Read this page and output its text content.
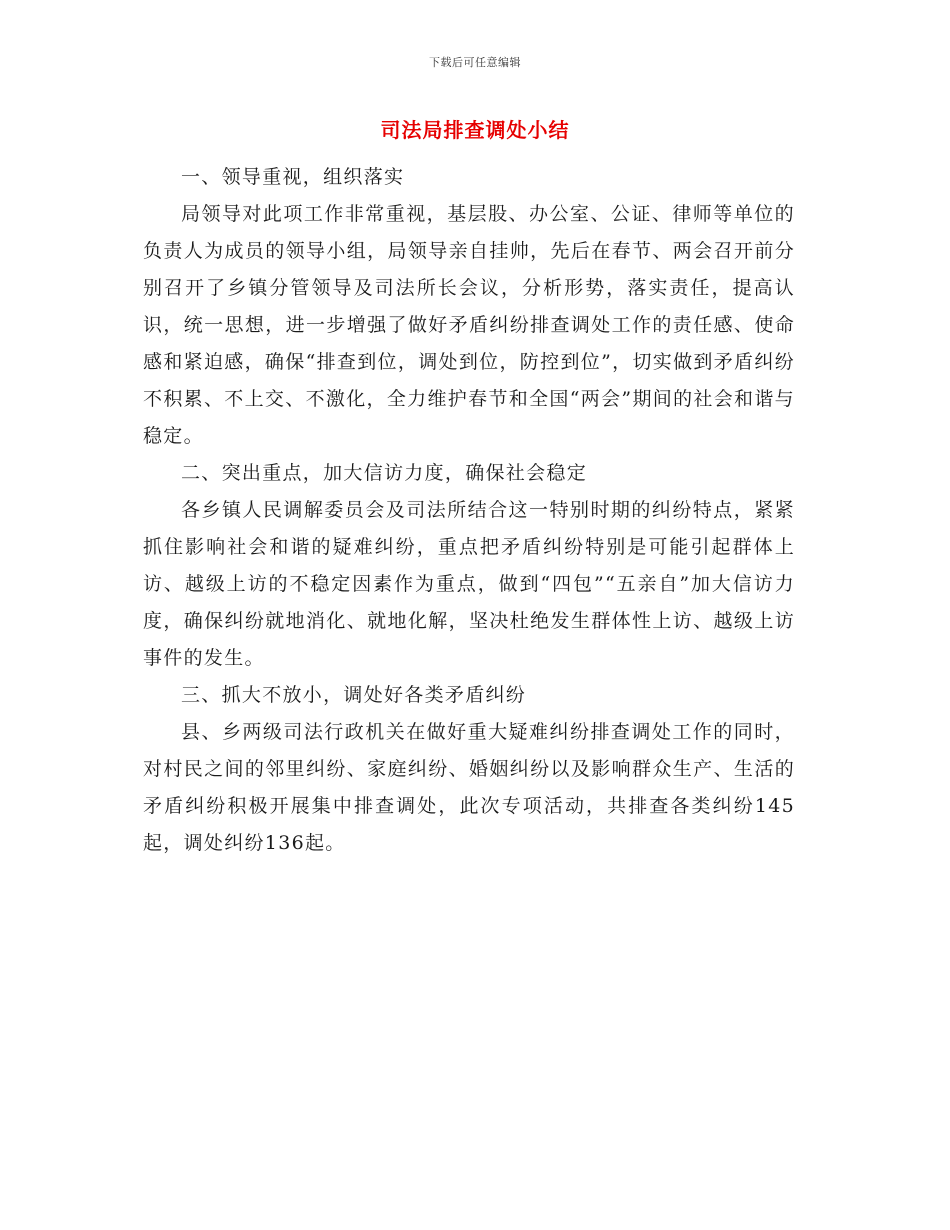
下载后可任意编辑
司法局排查调处小结

一、领导重视，组织落实

局领导对此项工作非常重视，基层股、办公室、公证、律师等单位的负责人为成员的领导小组，局领导亲自挂帅，先后在春节、两会召开前分别召开了乡镇分管领导及司法所长会议，分析形势，落实责任，提高认识，统一思想，进一步增强了做好矛盾纠纷排查调处工作的责任感、使命感和紧迫感，确保“排查到位，调处到位，防控到位”，切实做到矛盾纠纷不积累、不上交、不激化，全力维护春节和全国“两会”期间的社会和谐与稳定。

二、突出重点，加大信访力度，确保社会稳定

各乡镇人民调解委员会及司法所结合这一特别时期的纠纷特点，紧紧抓住影响社会和谐的疑难纠纷，重点把矛盾纠纷特别是可能引起群体上访、越级上访的不稳定因素作为重点，做到“四包”“五亲自”加大信访力度，确保纠纷就地消化、就地化解，坚决杜绝发生群体性上访、越级上访事件的发生。

三、抓大不放小，调处好各类矛盾纠纷

县、乡两级司法行政机关在做好重大疑难纠纷排查调处工作的同时，对村民之间的邻里纠纷、家庭纠纷、婚姻纠纷以及影响群众生产、生活的矛盾纠纷积极开展集中排查调处，此次专项活动，共排查各类纠纷145起，调处纠纷136起。
